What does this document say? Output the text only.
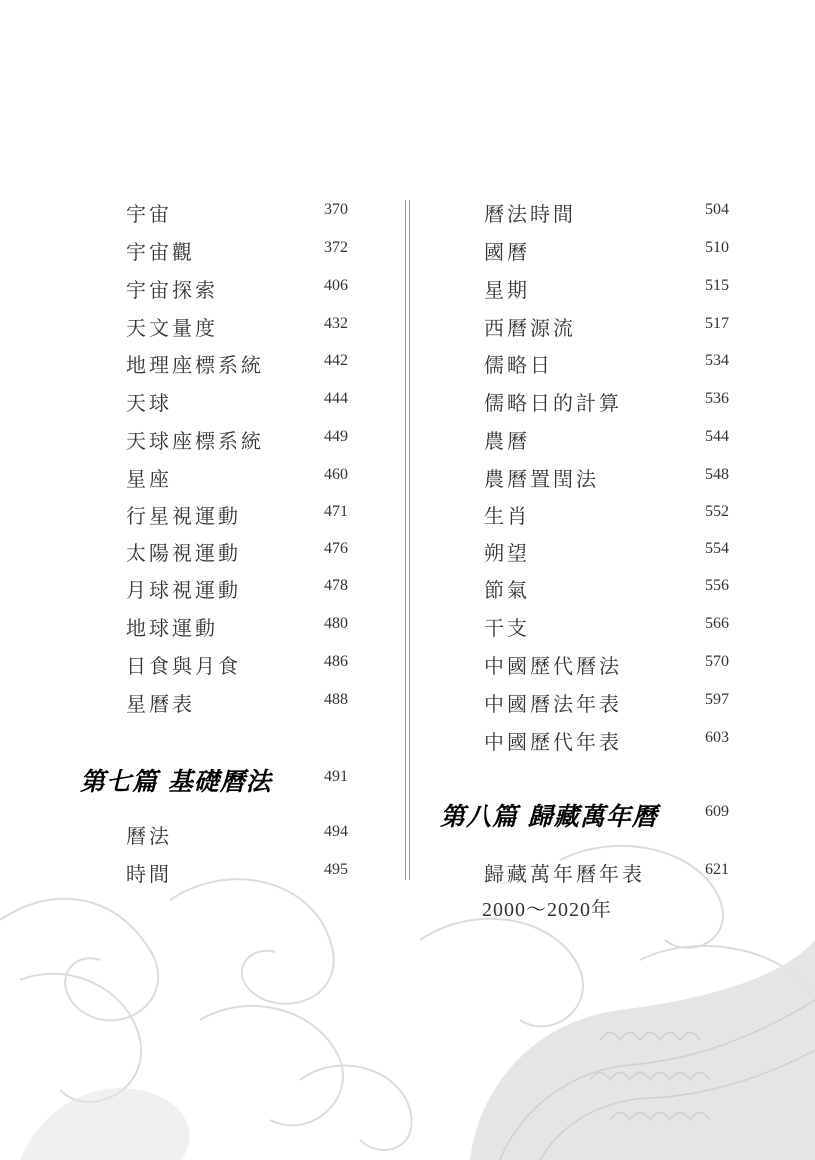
宇宙	370
宇宙觀	372
宇宙探索	406
天文量度	432
地理座標系統	442
天球	444
天球座標系統	449
星座	460
行星視運動	471
太陽視運動	476
月球視運動	478
地球運動	480
日食與月食	486
星曆表	488
第七篇 基礎曆法	491
曆法	494
時間	495
曆法時間	504
國曆	510
星期	515
西曆源流	517
儒略日	534
儒略日的計算	536
農曆	544
農曆置閏法	548
生肖	552
朔望	554
節氣	556
干支	566
中國歷代曆法	570
中國曆法年表	597
中國歷代年表	603
第八篇 歸藏萬年曆	609
歸藏萬年曆年表	621
2000～2020年
